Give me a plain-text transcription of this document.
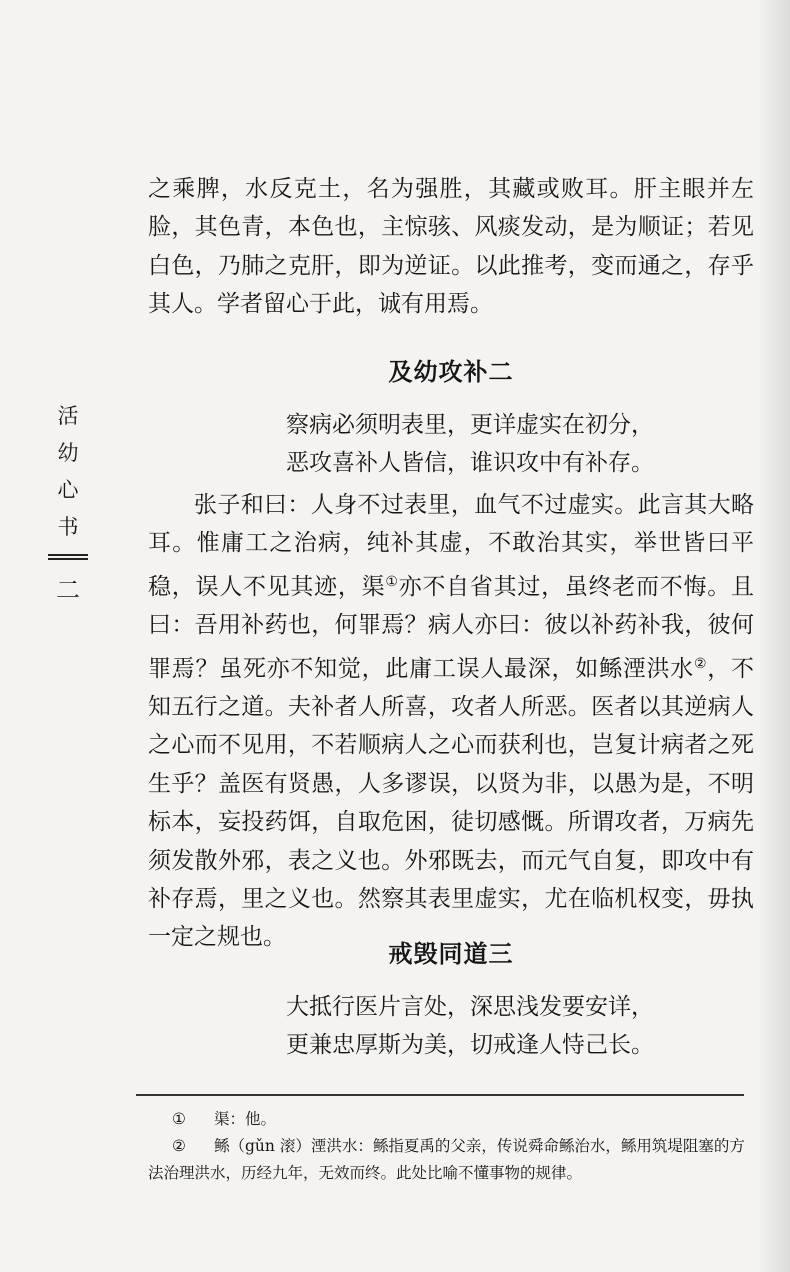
活
幼
心
书
二

之乘脾，水反克土，名为强胜，其藏或败耳。肝主眼并左脸，其色青，本色也，主惊骇、风痰发动，是为顺证；若见白色，乃肺之克肝，即为逆证。以此推考，变而通之，存乎其人。学者留心于此，诚有用焉。

及幼攻补二

察病必须明表里，更详虚实在初分，

恶攻喜补人皆信，谁识攻中有补存。

张子和曰：人身不过表里，血气不过虚实。此言其大略耳。惟庸工之治病，纯补其虚，不敢治其实，举世皆曰平稳，误人不见其迹，渠①亦不自省其过，虽终老而不悔。且曰：吾用补药也，何罪焉？病人亦曰：彼以补药补我，彼何罪焉？虽死亦不知觉，此庸工误人最深，如鲧湮洪水②，不知五行之道。夫补者人所喜，攻者人所恶。医者以其逆病人之心而不见用，不若顺病人之心而获利也，岂复计病者之死生乎？盖医有贤愚，人多谬误，以贤为非，以愚为是，不明标本，妄投药饵，自取危困，徒切感慨。所谓攻者，万病先须发散外邪，表之义也。外邪既去，而元气自复，即攻中有补存焉，里之义也。然察其表里虚实，尤在临机权变，毋执一定之规也。

戒毁同道三

大抵行医片言处，深思浅发要安详，

更兼忠厚斯为美，切戒逢人恃己长。

① 渠：他。

② 鲧（gǔn 滚）湮洪水：鲧指夏禹的父亲，传说舜命鲧治水，鲧用筑堤阻塞的方法治理洪水，历经九年，无效而终。此处比喻不懂事物的规律。
